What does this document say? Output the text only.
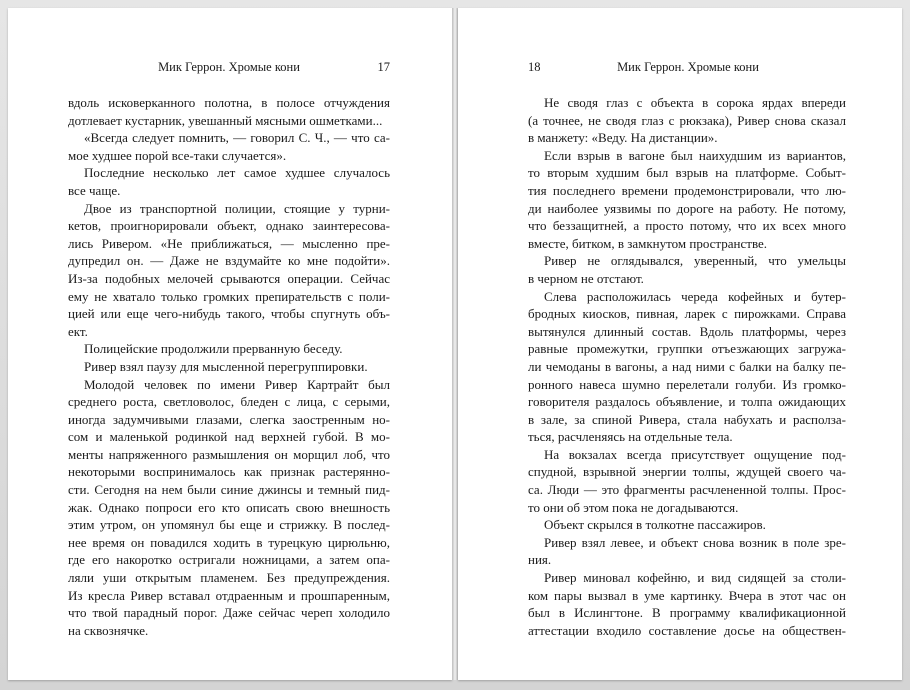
Мик Геррон. Хромые кони	17
вдоль исковерканного полотна, в полосе отчуждения
дотлевает кустарник, увешанный мясными ошметками...
«Всегда следует помнить, — говорил С. Ч., — что са-
мое худшее порой все-таки случается».
Последние несколько лет самое худшее случалось
все чаще.
Двое из транспортной полиции, стоящие у турни-
кетов, проигнорировали объект, однако заинтересова-
лись Ривером. «Не приближаться, — мысленно пре-
дупредил он. — Даже не вздумайте ко мне подойти».
Из-за подобных мелочей срываются операции. Сейчас
ему не хватало только громких препирательств с поли-
цией или еще чего-нибудь такого, чтобы спугнуть объ-
ект.
Полицейские продолжили прерванную беседу.
Ривер взял паузу для мысленной перегруппировки.
Молодой человек по имени Ривер Картрайт был
среднего роста, светловолос, бледен с лица, с серыми,
иногда задумчивыми глазами, слегка заостренным но-
сом и маленькой родинкой над верхней губой. В мо-
менты напряженного размышления он морщил лоб, что
некоторыми воспринималось как признак растерянно-
сти. Сегодня на нем были синие джинсы и темный пид-
жак. Однако попроси его кто описать свою внешность
этим утром, он упомянул бы еще и стрижку. В послед-
нее время он повадился ходить в турецкую цирюльню,
где его накоротко остригали ножницами, а затем опа-
ляли уши открытым пламенем. Без предупреждения.
Из кресла Ривер вставал отдраенным и прошпаренным,
что твой парадный порог. Даже сейчас череп холодило
на сквознячке.
18	Мик Геррон. Хромые кони
Не сводя глаз с объекта в сорока ярдах впереди
(а точнее, не сводя глаз с рюкзака), Ривер снова сказал
в манжету: «Веду. На дистанции».
Если взрыв в вагоне был наихудшим из вариантов,
то вторым худшим был взрыв на платформе. Событ-
тия последнего времени продемонстрировали, что лю-
ди наиболее уязвимы по дороге на работу. Не потому,
что беззащитней, а просто потому, что их всех много
вместе, битком, в замкнутом пространстве.
Ривер не оглядывался, уверенный, что умельцы
в черном не отстают.
Слева расположилась череда кофейных и бутер-
бродных киосков, пивная, ларек с пирожками. Справа
вытянулся длинный состав. Вдоль платформы, через
равные промежутки, группки отъезжающих загружа-
ли чемоданы в вагоны, а над ними с балки на балку пе-
ронного навеса шумно перелетали голуби. Из громко-
говорителя раздалось объявление, и толпа ожидающих
в зале, за спиной Ривера, стала набухать и располза-
ться, расчленяясь на отдельные тела.
На вокзалах всегда присутствует ощущение под-
спудной, взрывной энергии толпы, ждущей своего ча-
са. Люди — это фрагменты расчлененной толпы. Прос-
то они об этом пока не догадываются.
Объект скрылся в толкотне пассажиров.
Ривер взял левее, и объект снова возник в поле зре-
ния.
Ривер миновал кофейню, и вид сидящей за столи-
ком пары вызвал в уме картинку. Вчера в этот час он
был в Ислингтоне. В программу квалификационной
аттестации входило составление досье на обществен-
